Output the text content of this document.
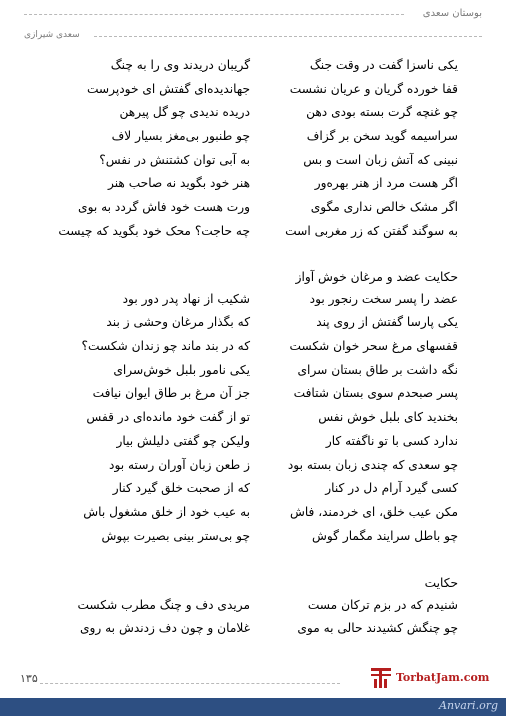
بوستان سعدی
سعدی شیرازی
یکی ناسزا گفت در وقت جنگ
گریبان دریدند وی را به چنگ
قفا خورده گریان و عریان نشست
جهاندیده‌ای گفتش ای خودپرست
چو غنچه گرت بسته بودی دهن
دریده ندیدی چو گل پیرهن
سراسیمه گوید سخن بر گزاف
چو طنبور بی‌مغز بسیار لاف
نبینی که آتش زبان است و بس
به آبی توان کشتنش در نفس؟
اگر هست مرد از هنر بهره‌ور
هنر خود بگوید نه صاحب هنر
اگر مشک خالص نداری مگوی
ورت هست خود فاش گردد به بوی
به سوگند گفتن که زر مغربی است
چه حاجت؟ محک خود بگوید که چیست
حکایت عضد و مرغان خوش آواز
عضد را پسر سخت رنجور بود
شکیب از نهاد پدر دور بود
یکی پارسا گفتش از روی پند
که بگذار مرغان وحشی ز بند
قفسهای مرغ سحر خوان شکست
که در بند ماند چو زندان شکست؟
نگه داشت بر طاق بستان سرای
یکی نامور بلبل خوش‌سرای
پسر صبحدم سوی بستان شتافت
جز آن مرغ بر طاق ایوان نیافت
بخندید کای بلبل خوش نفس
تو از گفت خود مانده‌ای در قفس
ندارد کسی با تو ناگفته کار
ولیکن چو گفتی دلیلش بیار
چو سعدی که چندی زبان بسته بود
ز طعن زبان آوران رسته بود
کسی گیرد آرام دل در کنار
که از صحبت خلق گیرد کنار
مکن عیب خلق، ای خردمند، فاش
به عیب خود از خلق مشغول باش
چو باطل سرایند مگمار گوش
چو بی‌ستر بینی بصیرت بپوش
حکایت
شنیدم که در بزم ترکان مست
مریدی دف و چنگ مطرب شکست
چو چنگش کشیدند حالی به موی
غلامان و چون دف زدندش به روی
۱۳۵	TorbatJam.com
Anvari.org
